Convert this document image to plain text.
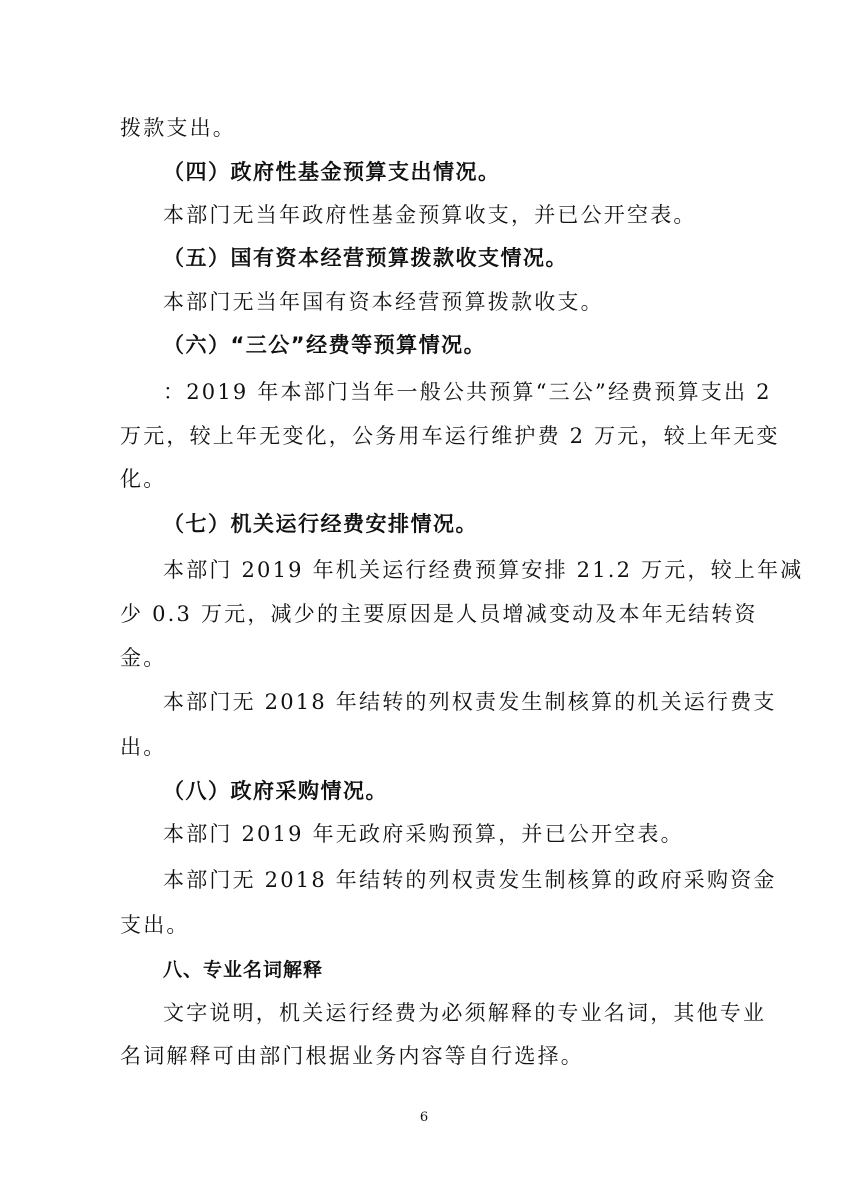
拨款支出。
（四）政府性基金预算支出情况。
本部门无当年政府性基金预算收支，并已公开空表。
（五）国有资本经营预算拨款收支情况。
本部门无当年国有资本经营预算拨款收支。
（六）“三公”经费等预算情况。
：2019 年本部门当年一般公共预算“三公”经费预算支出 2
万元，较上年无变化，公务用车运行维护费 2 万元，较上年无变
化。
（七）机关运行经费安排情况。
本部门 2019 年机关运行经费预算安排 21.2 万元，较上年减
少 0.3 万元，减少的主要原因是人员增减变动及本年无结转资
金。
本部门无 2018 年结转的列权责发生制核算的机关运行费支
出。
（八）政府采购情况。
本部门 2019 年无政府采购预算，并已公开空表。
本部门无 2018 年结转的列权责发生制核算的政府采购资金
支出。
八、专业名词解释
文字说明，机关运行经费为必须解释的专业名词，其他专业
名词解释可由部门根据业务内容等自行选择。
6
